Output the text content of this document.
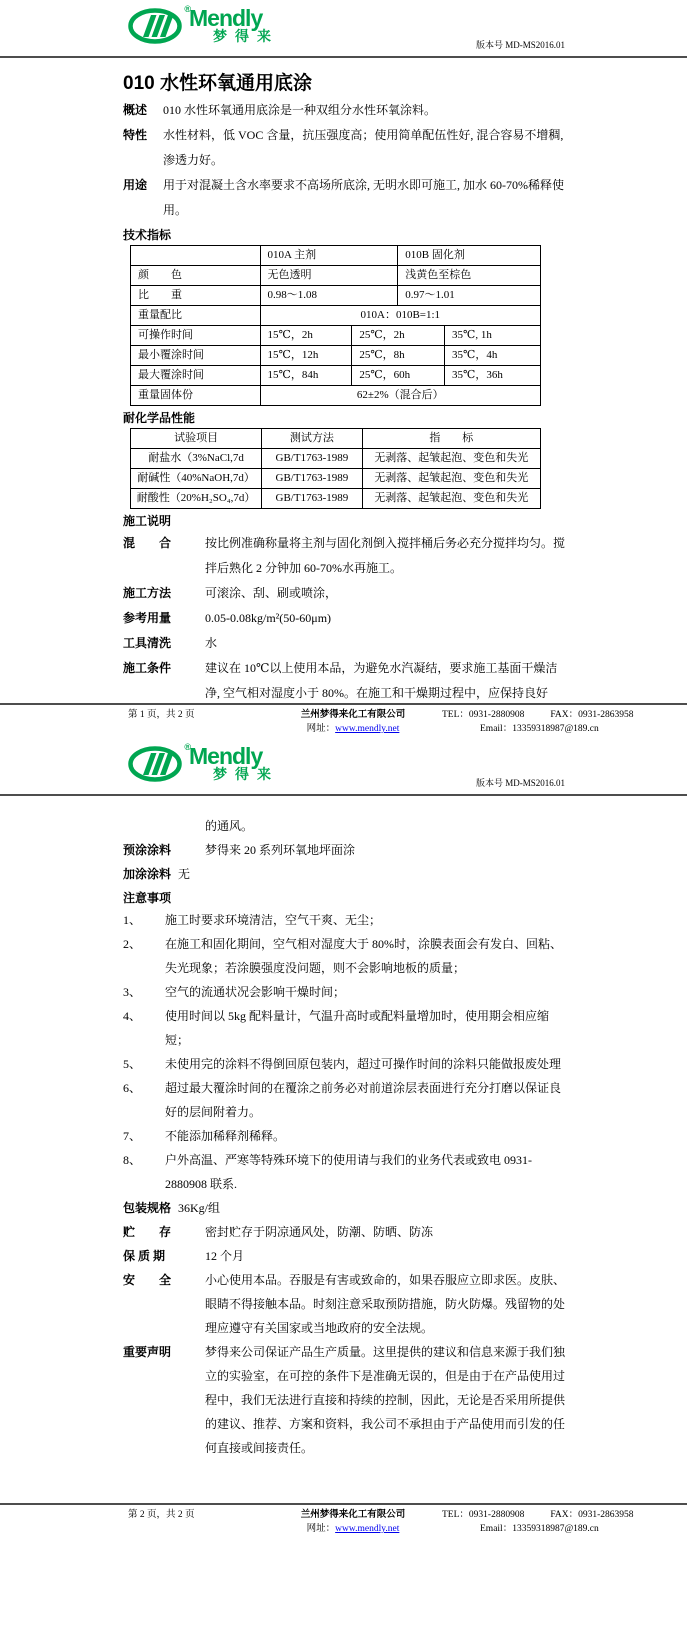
®
Mendly
梦得来
版本号 MD-MS2016.01
010 水性环氧通用底涂
概述	010 水性环氧通用底涂是一种双组分水性环氧涂料。
特性	水性材料，低 VOC 含量，抗压强度高；使用简单配伍性好, 混合容易不增稠, 渗透力好。
用途	用于对混凝土含水率要求不高场所底涂, 无明水即可施工, 加水 60-70%稀释使用。
技术指标
	010A 主剂		010B 固化剂	
颜　　色	无色透明		浅黄色至棕色	
比　　重	0.98～1.08		0.97～1.01	
重量配比	010A：010B=1:1			
可操作时间	15℃，2h	25℃，2h		35℃, 1h
最小覆涂时间	15℃，12h	25℃，8h		35℃，4h
最大覆涂时间	15℃，84h	25℃，60h		35℃，36h
重量固体份	62±2%（混合后）			
耐化学品性能
试验项目	测试方法	指　　标
耐盐水（3%NaCl,7d	GB/T1763-1989	无剥落、起皱起泡、变色和失光
耐碱性（40%NaOH,7d）	GB/T1763-1989	无剥落、起皱起泡、变色和失光
耐酸性（20%H₂SO₄,7d）	GB/T1763-1989	无剥落、起皱起泡、变色和失光
施工说明
混　　合	按比例准确称量将主剂与固化剂倒入搅拌桶后务必充分搅拌均匀。搅拌后熟化 2 分钟加 60-70%水再施工。
施工方法	可滚涂、刮、刷或喷涂，
参考用量	0.05-0.08kg/m²(50-60μm)
工具清洗	水
施工条件	建议在 10℃以上使用本品，为避免水汽凝结，要求施工基面干燥洁净, 空气相对湿度小于 80%。在施工和干燥期过程中，应保持良好
第 1 页，共 2 页	兰州梦得来化工有限公司
网址：www.mendly.net
TEL：0931-2880908	FAX：0931-2863958
Email：13359318987@189.cn
®
Mendly
梦得来
版本号 MD-MS2016.01
的通风。
预涂涂料	梦得来 20 系列环氧地坪面涂
加涂涂料 无
注意事项
1、	施工时要求环境清洁，空气干爽、无尘；
2、	在施工和固化期间，空气相对湿度大于 80%时，涂膜表面会有发白、回粘、失光现象；若涂膜强度没问题，则不会影响地板的质量；
3、	空气的流通状况会影响干燥时间；
4、	使用时间以 5kg 配料量计，气温升高时或配料量增加时，使用期会相应缩短；
5、	未使用完的涂料不得倒回原包装内，超过可操作时间的涂料只能做报废处理
6、	超过最大覆涂时间的在覆涂之前务必对前道涂层表面进行充分打磨以保证良好的层间附着力。
7、	不能添加稀释剂稀释。
8、	户外高温、严寒等特殊环境下的使用请与我们的业务代表或致电 0931-2880908 联系.
包装规格 36Kg/组
贮　　存	密封贮存于阴凉通风处，防潮、防晒、防冻
保 质 期	12 个月
安　　全	小心使用本品。吞服是有害或致命的，如果吞服应立即求医。皮肤、眼睛不得接触本品。时刻注意采取预防措施，防火防爆。残留物的处理应遵守有关国家或当地政府的安全法规。
重要声明	梦得来公司保证产品生产质量。这里提供的建议和信息来源于我们独立的实验室，在可控的条件下是准确无误的，但是由于在产品使用过程中，我们无法进行直接和持续的控制，因此，无论是否采用所提供的建议、推荐、方案和资料，我公司不承担由于产品使用而引发的任何直接或间接责任。
第 2 页，共 2 页	兰州梦得来化工有限公司
网址：www.mendly.net
TEL：0931-2880908	FAX：0931-2863958
Email：13359318987@189.cn
